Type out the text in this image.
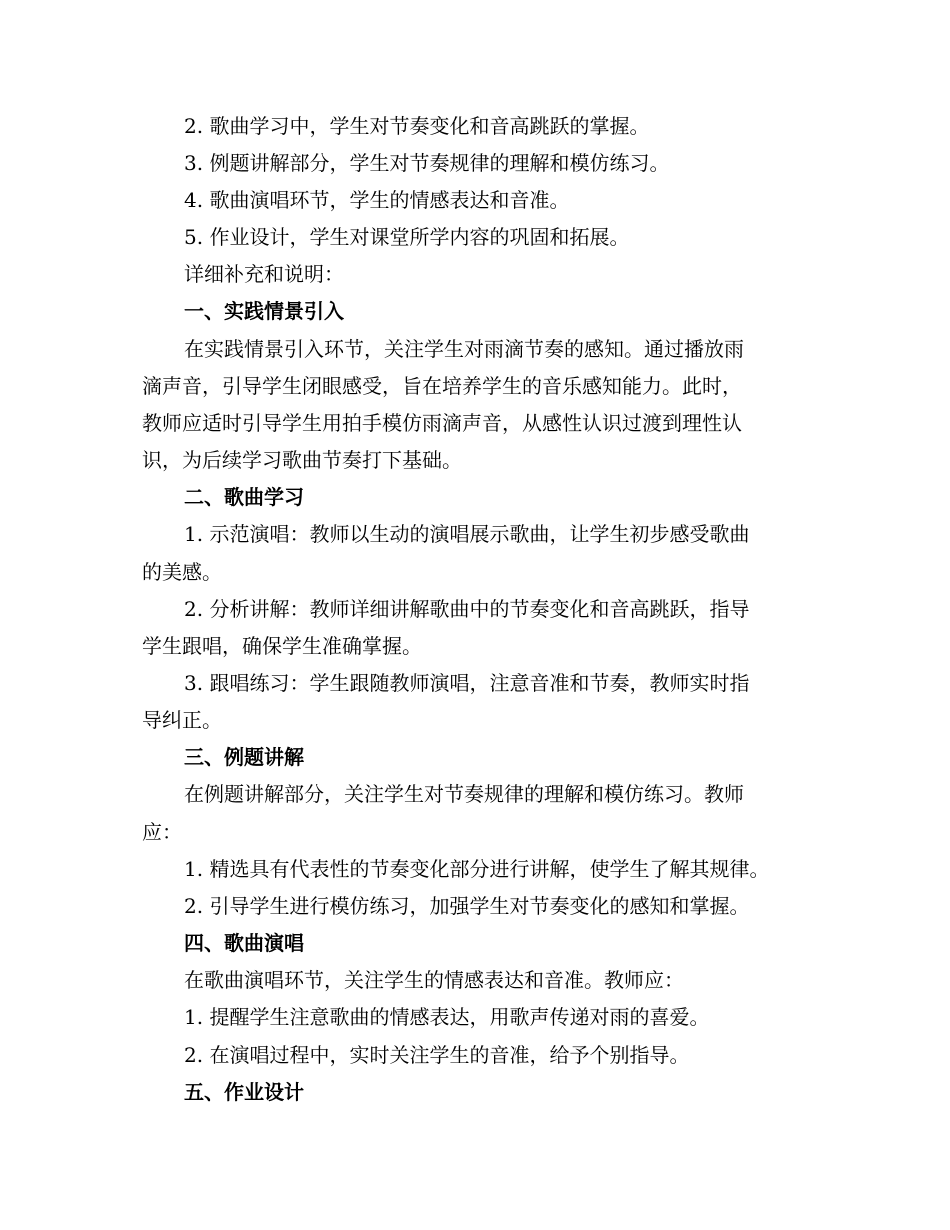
2. 歌曲学习中，学生对节奏变化和音高跳跃的掌握。
3. 例题讲解部分，学生对节奏规律的理解和模仿练习。
4. 歌曲演唱环节，学生的情感表达和音准。
5. 作业设计，学生对课堂所学内容的巩固和拓展。
详细补充和说明：
一、实践情景引入
在实践情景引入环节，关注学生对雨滴节奏的感知。通过播放雨
滴声音，引导学生闭眼感受，旨在培养学生的音乐感知能力。此时，
教师应适时引导学生用拍手模仿雨滴声音，从感性认识过渡到理性认
识，为后续学习歌曲节奏打下基础。
二、歌曲学习
1. 示范演唱：教师以生动的演唱展示歌曲，让学生初步感受歌曲
的美感。
2. 分析讲解：教师详细讲解歌曲中的节奏变化和音高跳跃，指导
学生跟唱，确保学生准确掌握。
3. 跟唱练习：学生跟随教师演唱，注意音准和节奏，教师实时指
导纠正。
三、例题讲解
在例题讲解部分，关注学生对节奏规律的理解和模仿练习。教师
应：
1. 精选具有代表性的节奏变化部分进行讲解，使学生了解其规律。
2. 引导学生进行模仿练习，加强学生对节奏变化的感知和掌握。
四、歌曲演唱
在歌曲演唱环节，关注学生的情感表达和音准。教师应：
1. 提醒学生注意歌曲的情感表达，用歌声传递对雨的喜爱。
2. 在演唱过程中，实时关注学生的音准，给予个别指导。
五、作业设计
